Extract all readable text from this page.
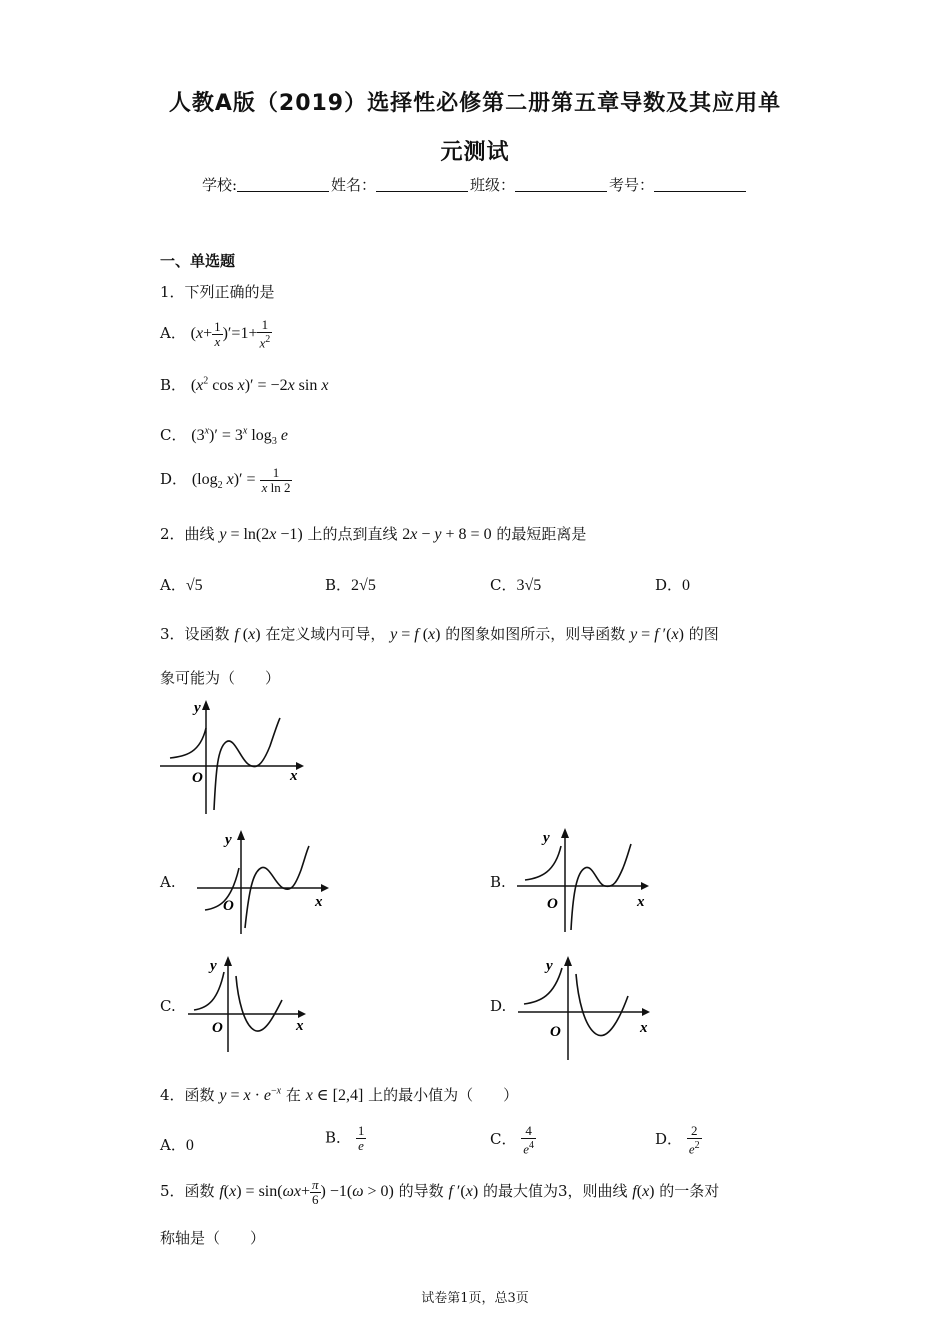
人教A版（2019）选择性必修第二册第五章导数及其应用单
元测试
学校:	姓名：	班级：	考号：
一、单选题
1．下列正确的是
A． $(x+ \frac{1}{x} )'=1+ \frac{1}{x^2}$
B． ($x^2$ cos x)′ = −2x sin x
C． $(3^x)' = 3^x$ $\log_3 e$
D． ($\log_2$ $x)' = \frac{1}{\text{x ln 2}}$
2．曲线 y = ln(2x −1) 上的点到直线 2x − y + 8 = 0 的最短距离是
A．√5	B．2√5	C．3√5	D．0
3．设函数 f (x) 在定义域内可导， y = f (x) 的图象如图所示，则导函数 y = f ′(x) 的图
象可能为（　　）
y
x
O
A.
y
x
O
B.
y
x
O
C.
y
x
O
D.
y
x
O
4．函数 $y = x \cdot e^{-x}$ 在 x ∈ [2,4] 上的最小值为（　　）
A．0	B． $\frac{1}{e}$	C． $\frac{4}{e^4}$	D． $\frac{2}{e^2}$
5．函数 $f(x) = \sin(\omega x+ \frac{\pi}{6}$ ) −1(ω > 0) 的导数 f ′(x) 的最大值为3，则曲线 f(x) 的一条对
称轴是（　　）
试卷第1页，总3页
